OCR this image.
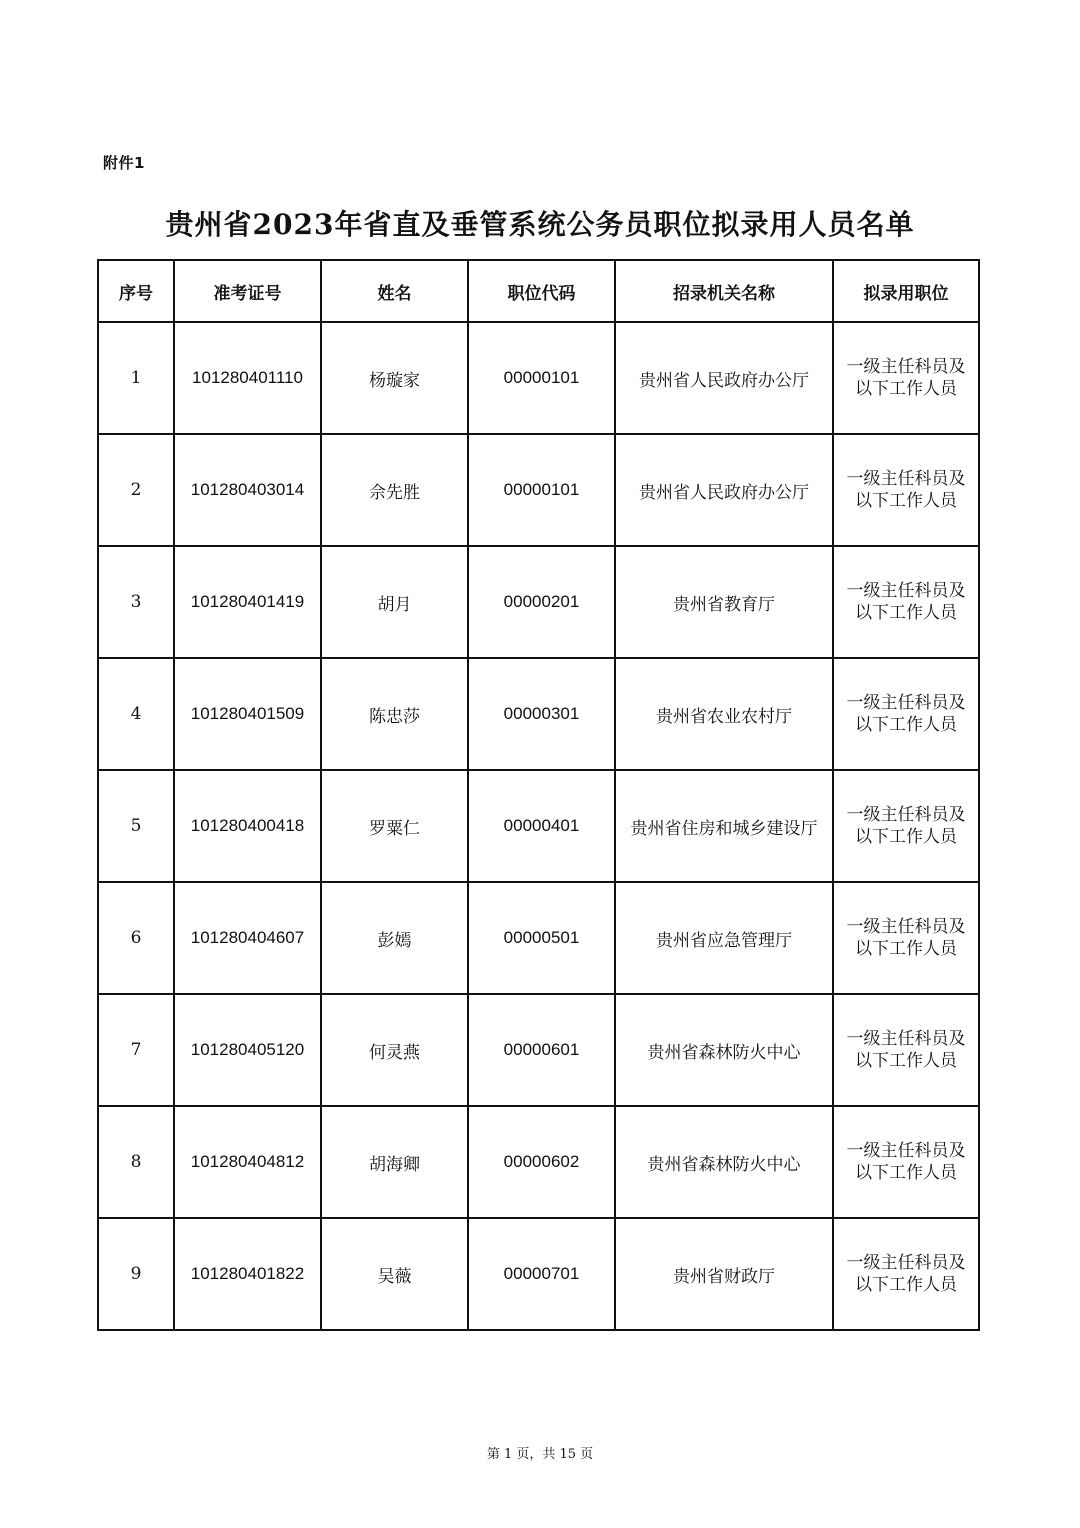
附件1
贵州省2023年省直及垂管系统公务员职位拟录用人员名单
序号	准考证号	姓名	职位代码	招录机关名称	拟录用职位
1	101280401110	杨璇家	00000101	贵州省人民政府办公厅	一级主任科员及以下工作人员
2	101280403014	佘先胜	00000101	贵州省人民政府办公厅	一级主任科员及以下工作人员
3	101280401419	胡月	00000201	贵州省教育厅	一级主任科员及以下工作人员
4	101280401509	陈忠莎	00000301	贵州省农业农村厅	一级主任科员及以下工作人员
5	101280400418	罗粟仁	00000401	贵州省住房和城乡建设厅	一级主任科员及以下工作人员
6	101280404607	彭嫣	00000501	贵州省应急管理厅	一级主任科员及以下工作人员
7	101280405120	何灵燕	00000601	贵州省森林防火中心	一级主任科员及以下工作人员
8	101280404812	胡海卿	00000602	贵州省森林防火中心	一级主任科员及以下工作人员
9	101280401822	吴薇	00000701	贵州省财政厅	一级主任科员及以下工作人员
第 1 页，共 15 页
